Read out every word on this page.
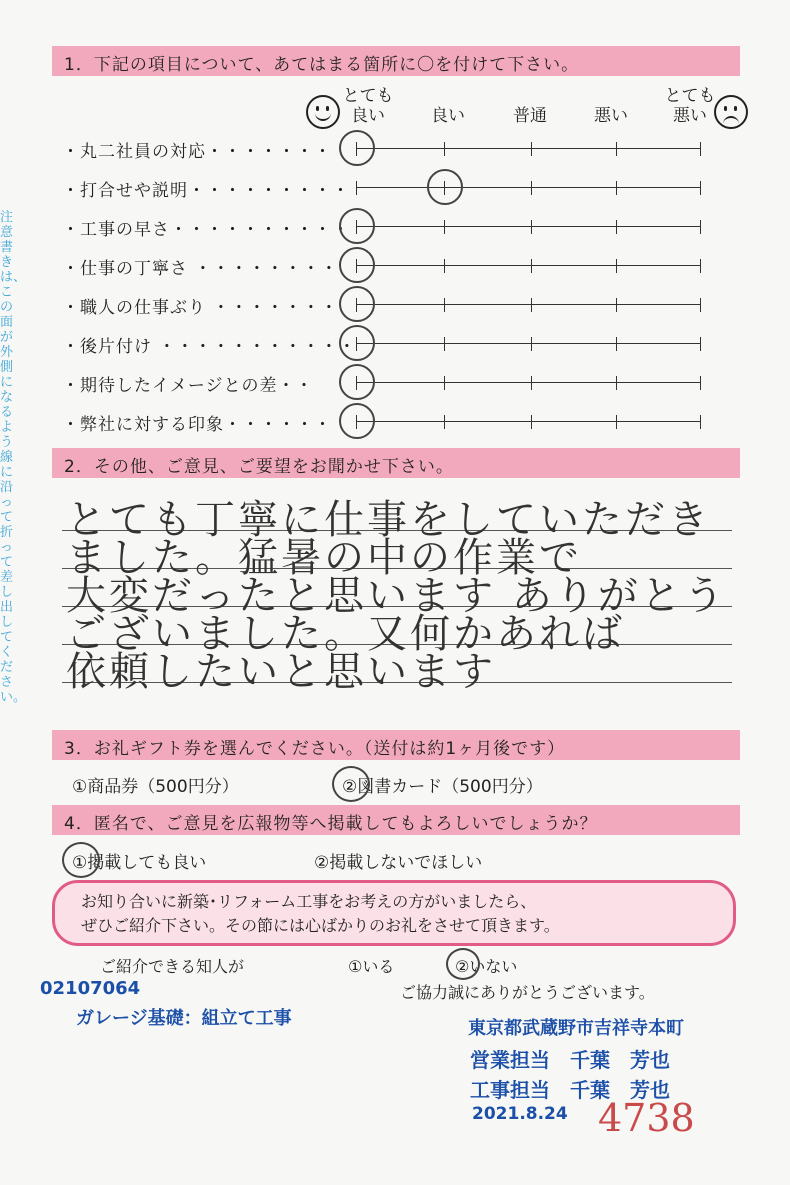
注意書きは、この面が外側になるよう線に沿って折って差し出してください。
1．下記の項目について、あてはまる箇所に〇を付けて下さい。
とても
良い	良い	普通	悪い
とても
悪い
・丸二社員の対応・・・・・・・
・打合せや説明・・・・・・・・・
・工事の早さ・・・・・・・・・・
・仕事の丁寧さ ・・・・・・・・
・職人の仕事ぶり ・・・・・・・
・後片付け ・・・・・・・・・・・
・期待したイメージとの差・・
・弊社に対する印象・・・・・・
2．その他、ご意見、ご要望をお聞かせ下さい。
とても丁寧に仕事をしていただき
ました。猛暑の中の作業で
大変だったと思います ありがとう
ございました。又何かあれば
依頼したいと思います
3．お礼ギフト券を選んでください。（送付は約1ヶ月後です）
①商品券（500円分）	②図書カード（500円分）
4．匿名で、ご意見を広報物等へ掲載してもよろしいでしょうか？
①掲載しても良い	②掲載しないでほしい
お知り合いに新築･リフォーム工事をお考えの方がいましたら、
ぜひご紹介下さい。その節には心ばかりのお礼をさせて頂きます。
ご紹介できる知人が	①いる	②いない
ご協力誠にありがとうございます。
02107064
ガレージ基礎：組立て工事	東京都武蔵野市吉祥寺本町
営業担当　千葉　芳也
工事担当　千葉　芳也
2021.8.24 4738
